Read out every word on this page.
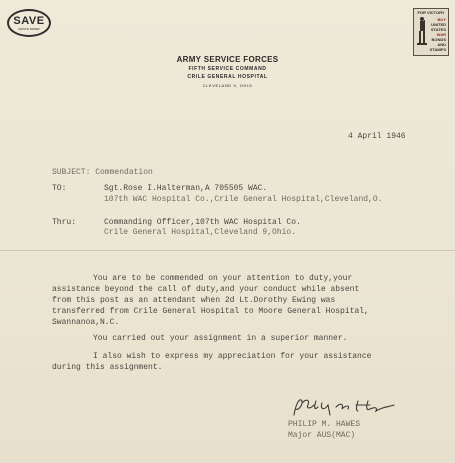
SAVE
WASTE PAPER
FOR VICTORY
BUY
UNITED
STATES
WAR
BONDS
AND
STAMPS
ARMY SERVICE FORCES
FIFTH SERVICE COMMAND
CRILE GENERAL HOSPITAL
CLEVELAND 9, OHIO
4 April 1946
SUBJECT: Commendation
TO:	Sgt.Rose I.Halterman,A 705505 WAC.
107th WAC Hospital Co.,Crile General Hospital,Cleveland,O.
Thru:	Commanding Officer,107th WAC Hospital Co.
Crile General Hospital,Cleveland 9,Ohio.
You are to be commended on your attention to duty,your
assistance beyond the call of duty,and your conduct while absent
from this post as an attendant when 2d Lt.Dorothy Ewing was
transferred from Crile General Hospital to Moore General Hospital,
Swannanoa,N.C.
You carried out your assignment in a superior manner.
I also wish to express my appreciation for your assistance
during this assignment.
PHILIP M. HAWES
Major AUS(MAC)
